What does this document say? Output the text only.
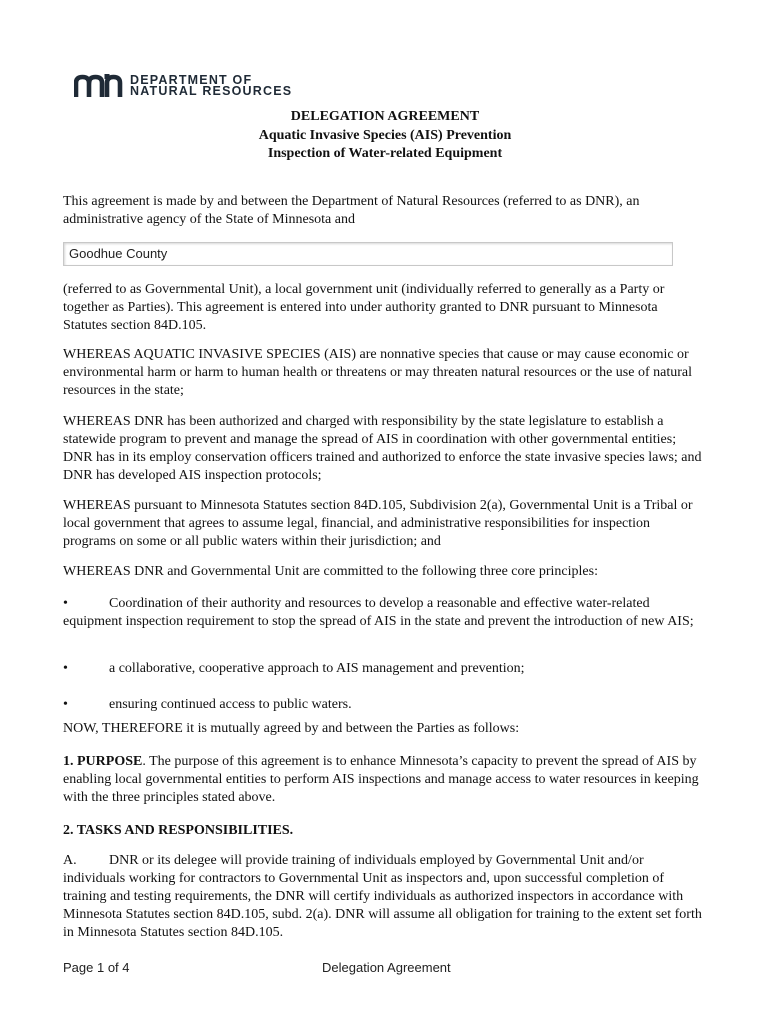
DEPARTMENT OF
NATURAL RESOURCES
DELEGATION AGREEMENT
Aquatic Invasive Species (AIS) Prevention
Inspection of Water-related Equipment
This agreement is made by and between the Department of Natural Resources (referred to as DNR), an administrative agency of the State of Minnesota and
Goodhue County
(referred to as Governmental Unit), a local government unit (individually referred to generally as a Party or together as Parties). This agreement is entered into under authority granted to DNR pursuant to Minnesota Statutes section 84D.105.
WHEREAS AQUATIC INVASIVE SPECIES (AIS) are nonnative species that cause or may cause economic or environmental harm or harm to human health or threatens or may threaten natural resources or the use of natural resources in the state;
WHEREAS DNR has been authorized and charged with responsibility by the state legislature to establish a statewide program to prevent and manage the spread of AIS in coordination with other governmental entities; DNR has in its employ conservation officers trained and authorized to enforce the state invasive species laws; and DNR has developed AIS inspection protocols;
WHEREAS pursuant to Minnesota Statutes section 84D.105, Subdivision 2(a), Governmental Unit is a Tribal or local government that agrees to assume legal, financial, and administrative responsibilities for inspection programs on some or all public waters within their jurisdiction; and
WHEREAS DNR and Governmental Unit are committed to the following three core principles:
•	Coordination of their authority and resources to develop a reasonable and effective water-related equipment inspection requirement to stop the spread of AIS in the state and prevent the introduction of new AIS;
•	a collaborative, cooperative approach to AIS management and prevention;
•	ensuring continued access to public waters.
NOW, THEREFORE it is mutually agreed by and between the Parties as follows:
1. PURPOSE. The purpose of this agreement is to enhance Minnesota’s capacity to prevent the spread of AIS by enabling local governmental entities to perform AIS inspections and manage access to water resources in keeping with the three principles stated above.
2. TASKS AND RESPONSIBILITIES.
A. DNR or its delegee will provide training of individuals employed by Governmental Unit and/or individuals working for contractors to Governmental Unit as inspectors and, upon successful completion of training and testing requirements, the DNR will certify individuals as authorized inspectors in accordance with Minnesota Statutes section 84D.105, subd. 2(a). DNR will assume all obligation for training to the extent set forth in Minnesota Statutes section 84D.105.
Page 1 of 4	Delegation Agreement
